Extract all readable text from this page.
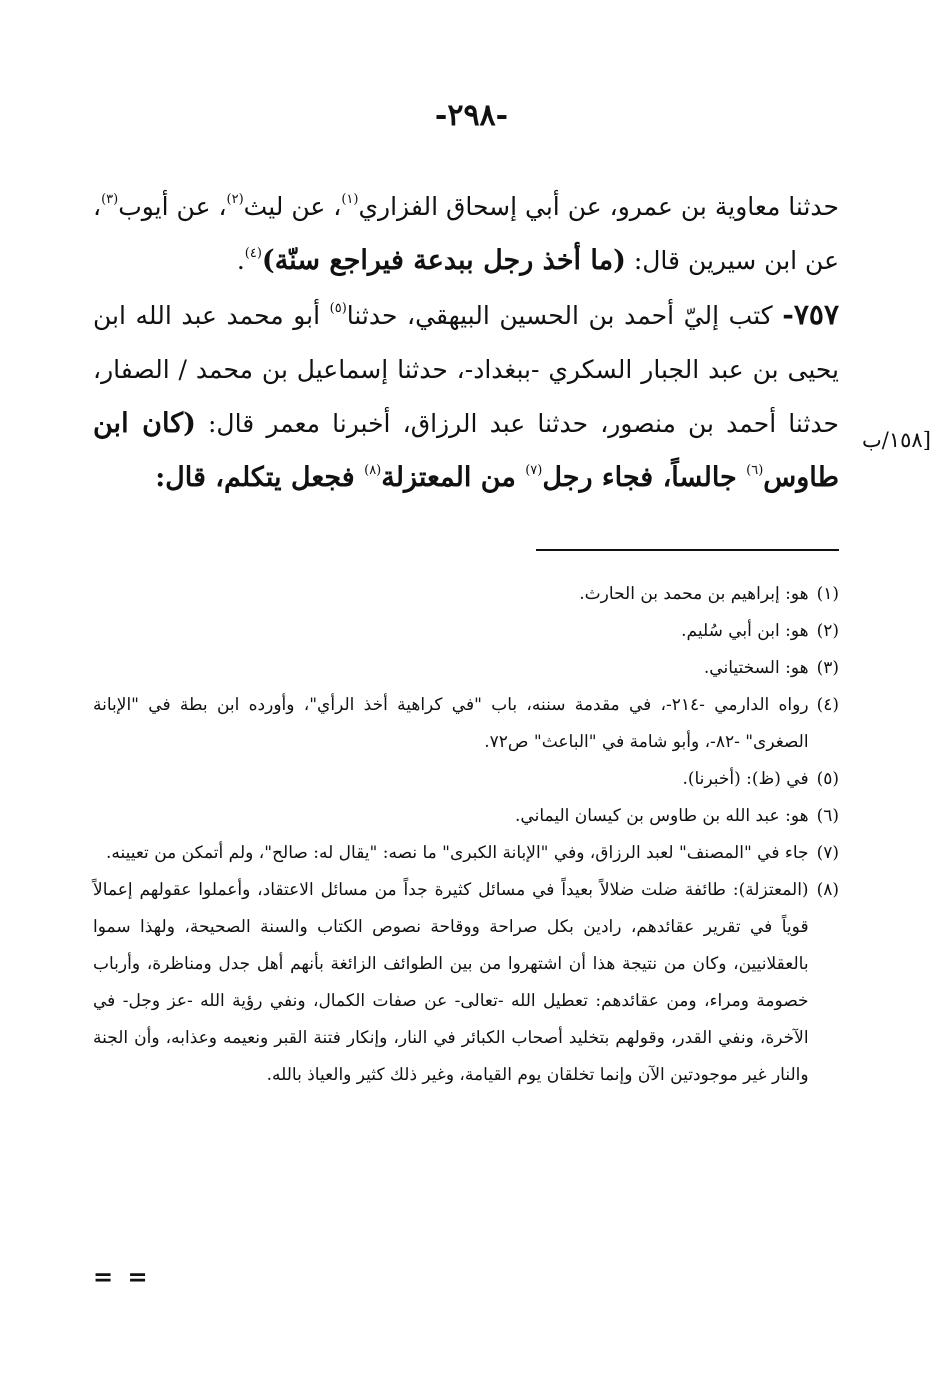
-٢٩٨-

حدثنا معاوية بن عمرو، عن أبي إسحاق الفزاري$^{(١)}$، عن ليث$^{(٢)}$، عن أيوب$^{(٣)}$، عن ابن سيرين قال: (ما أخذ رجل ببدعة فيراجع سنّة)$^{(٤)}$.

٧٥٧- كتب إليّ أحمد بن الحسين البيهقي، حدثنا$^{(٥)}$ أبو محمد عبد الله ابن يحيى بن عبد الجبار السكري -ببغداد-، حدثنا إسماعيل بن محمد / الصفار، حدثنا أحمد بن منصور، حدثنا عبد الرزاق، أخبرنا معمر قال: (كان ابن طاوس$^{(٦)}$ جالساً، فجاء رجل$^{(٧)}$ من المعتزلة$^{(٨)}$ فجعل يتكلم، قال:

[١٥٨/ب
(١)
هو: إبراهيم بن محمد بن الحارث.
(٢)
هو: ابن أبي سُليم.
(٣)
هو: السختياني.
(٤)
رواه الدارمي -٢١٤-، في مقدمة سننه، باب "في كراهية أخذ الرأي"، وأورده ابن بطة في "الإبانة الصغرى" -٨٢-، وأبو شامة في "الباعث" ص٧٢.
(٥)
في (ظ): (أخبرنا).
(٦)
هو: عبد الله بن طاوس بن كيسان اليماني.
(٧)
جاء في "المصنف" لعبد الرزاق، وفي "الإبانة الكبرى" ما نصه: "يقال له: صالح"، ولم أتمكن من تعيينه.
(٨)
(المعتزلة): طائفة ضلت ضلالاً بعيداً في مسائل كثيرة جداً من مسائل الاعتقاد، وأعملوا عقولهم إعمالاً قوياً في تقرير عقائدهم، رادين بكل صراحة ووقاحة نصوص الكتاب والسنة الصحيحة، ولهذا سموا بالعقلانيين، وكان من نتيجة هذا أن اشتهروا من بين الطوائف الزائغة بأنهم أهل جدل ومناظرة، وأرباب خصومة ومراء، ومن عقائدهم: تعطيل الله -تعالى- عن صفات الكمال، ونفي رؤية الله -عز وجل- في الآخرة، ونفي القدر، وقولهم بتخليد أصحاب الكبائر في النار، وإنكار فتنة القبر ونعيمه وعذابه، وأن الجنة والنار غير موجودتين الآن وإنما تخلقان يوم القيامة، وغير ذلك كثير والعياذ بالله.
= =
